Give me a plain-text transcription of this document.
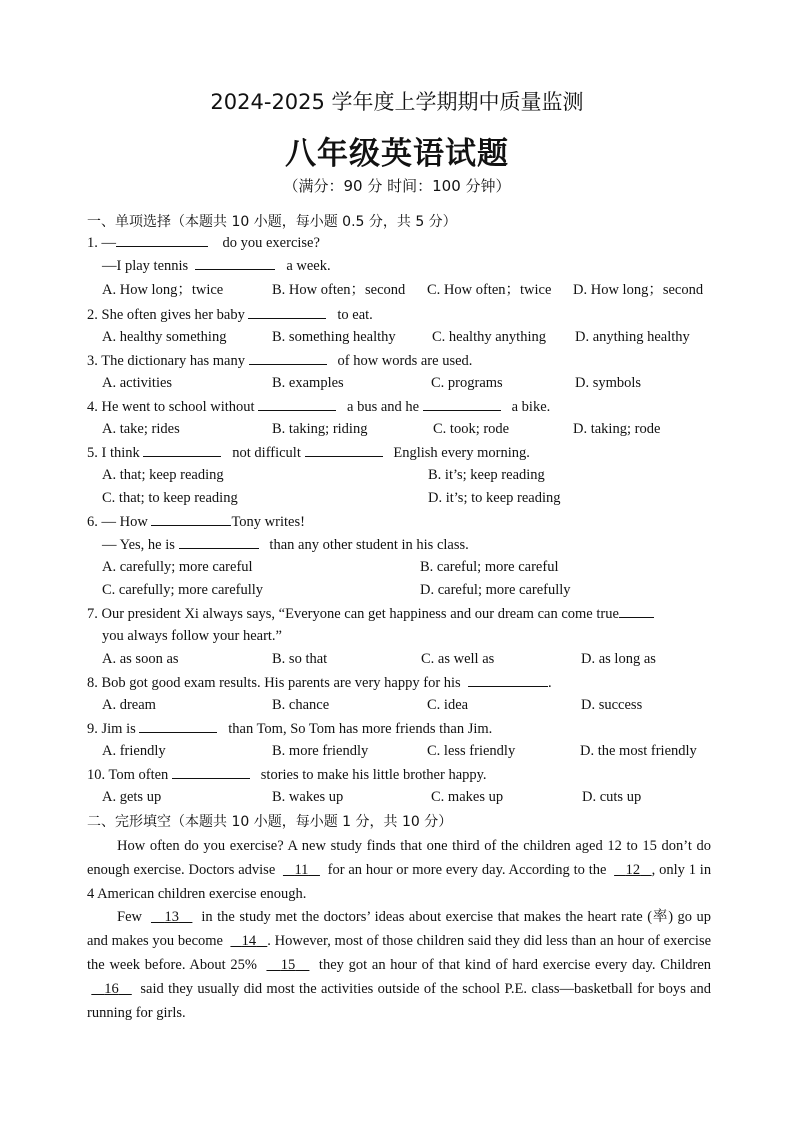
2024-2025 学年度上学期期中质量监测
八年级英语试题
（满分：90 分 时间：100 分钟）
一、单项选择（本题共 10 小题，每小题 0.5 分，共 5 分）
1. —	do you exercise?
—I play tennis	a week.
A. How long；twice	B. How often；second C. How often；twice D. How long；second
2. She often gives her baby	to eat.
A. healthy something	B. something healthy	C. healthy anything D. anything healthy
3. The dictionary has many	of how words are used.
A. activities	B. examples	C. programs	D. symbols
4. He went to school without	a bus and he	a bike.
A. take; rides	B. taking; riding	C. took; rode	D. taking; rode
5. I think	not difficult	English every morning.
A. that; keep reading	B. it’s; keep reading
C. that; to keep reading	D. it’s; to keep reading
6. — How	Tony writes!
— Yes, he is	than any other student in his class.
A. carefully; more careful	B. careful; more careful
C. carefully; more carefully	D. careful; more carefully
7. Our president Xi always says, “Everyone can get happiness and our dream can come true
you always follow your heart.”
A. as soon as	B. so that	C. as well as	D. as long as
8. Bob got good exam results. His parents are very happy for his	.
A. dream	B. chance	C. idea	D. success
9. Jim is	than Tom, So Tom has more friends than Jim.
A. friendly	B. more friendly	C. less friendly	D. the most friendly
10. Tom often	stories to make his little brother happy.
A. gets up	B. wakes up	C. makes up	D. cuts up
二、完形填空（本题共 10 小题，每小题 1 分，共 10 分）
How often do you exercise? A new study finds that one third of the children aged 12 to 15 don’t do enough exercise. Doctors advise     11     for an hour or more every day. According to the     12 , only 1 in 4 American children exercise enough.
Few     13     in the study met the doctors’ ideas about exercise that makes the heart rate (率) go up and makes you become     14 . However, most of those children said they did less than an hour of exercise the week before. About 25%     15     they got an hour of that kind of hard exercise every day. Children     16     said they usually did most the activities outside of the school P.E. class—basketball for boys and running for girls.
